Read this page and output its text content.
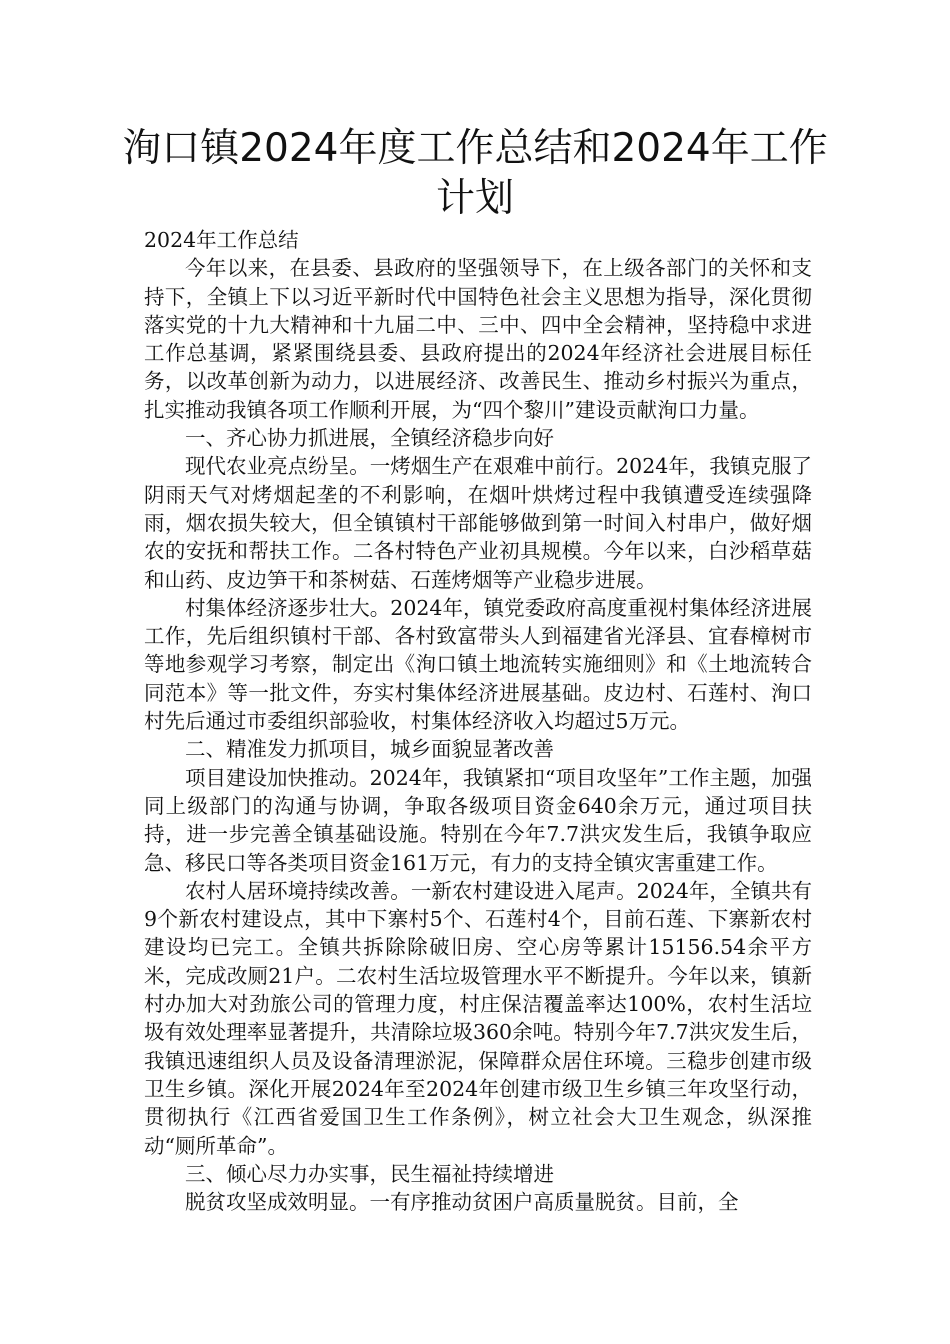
洵口镇2024年度工作总结和2024年工作计划

2024年工作总结

今年以来，在县委、县政府的坚强领导下，在上级各部门的关怀和支持下，全镇上下以习近平新时代中国特色社会主义思想为指导，深化贯彻落实党的十九大精神和十九届二中、三中、四中全会精神，坚持稳中求进工作总基调，紧紧围绕县委、县政府提出的2024年经济社会进展目标任务，以改革创新为动力，以进展经济、改善民生、推动乡村振兴为重点，扎实推动我镇各项工作顺利开展，为“四个黎川”建设贡献洵口力量。

一、齐心协力抓进展，全镇经济稳步向好

现代农业亮点纷呈。一烤烟生产在艰难中前行。2024年，我镇克服了阴雨天气对烤烟起垄的不利影响，在烟叶烘烤过程中我镇遭受连续强降雨，烟农损失较大，但全镇镇村干部能够做到第一时间入村串户，做好烟农的安抚和帮扶工作。二各村特色产业初具规模。今年以来，白沙稻草菇和山药、皮边笋干和茶树菇、石莲烤烟等产业稳步进展。

村集体经济逐步壮大。2024年，镇党委政府高度重视村集体经济进展工作，先后组织镇村干部、各村致富带头人到福建省光泽县、宜春樟树市等地参观学习考察，制定出《洵口镇土地流转实施细则》和《土地流转合同范本》等一批文件，夯实村集体经济进展基础。皮边村、石莲村、洵口村先后通过市委组织部验收，村集体经济收入均超过5万元。

二、精准发力抓项目，城乡面貌显著改善

项目建设加快推动。2024年，我镇紧扣“项目攻坚年”工作主题，加强同上级部门的沟通与协调，争取各级项目资金640余万元，通过项目扶持，进一步完善全镇基础设施。特别在今年7.7洪灾发生后，我镇争取应急、移民口等各类项目资金161万元，有力的支持全镇灾害重建工作。

农村人居环境持续改善。一新农村建设进入尾声。2024年，全镇共有9个新农村建设点，其中下寨村5个、石莲村4个，目前石莲、下寨新农村建设均已完工。全镇共拆除除破旧房、空心房等累计15156.54余平方米，完成改厕21户。二农村生活垃圾管理水平不断提升。今年以来，镇新村办加大对劲旅公司的管理力度，村庄保洁覆盖率达100%，农村生活垃圾有效处理率显著提升，共清除垃圾360余吨。特别今年7.7洪灾发生后，我镇迅速组织人员及设备清理淤泥，保障群众居住环境。三稳步创建市级卫生乡镇。深化开展2024年至2024年创建市级卫生乡镇三年攻坚行动，贯彻执行《江西省爱国卫生工作条例》，树立社会大卫生观念，纵深推动“厕所革命”。

三、倾心尽力办实事，民生福祉持续增进

脱贫攻坚成效明显。一有序推动贫困户高质量脱贫。目前，全
